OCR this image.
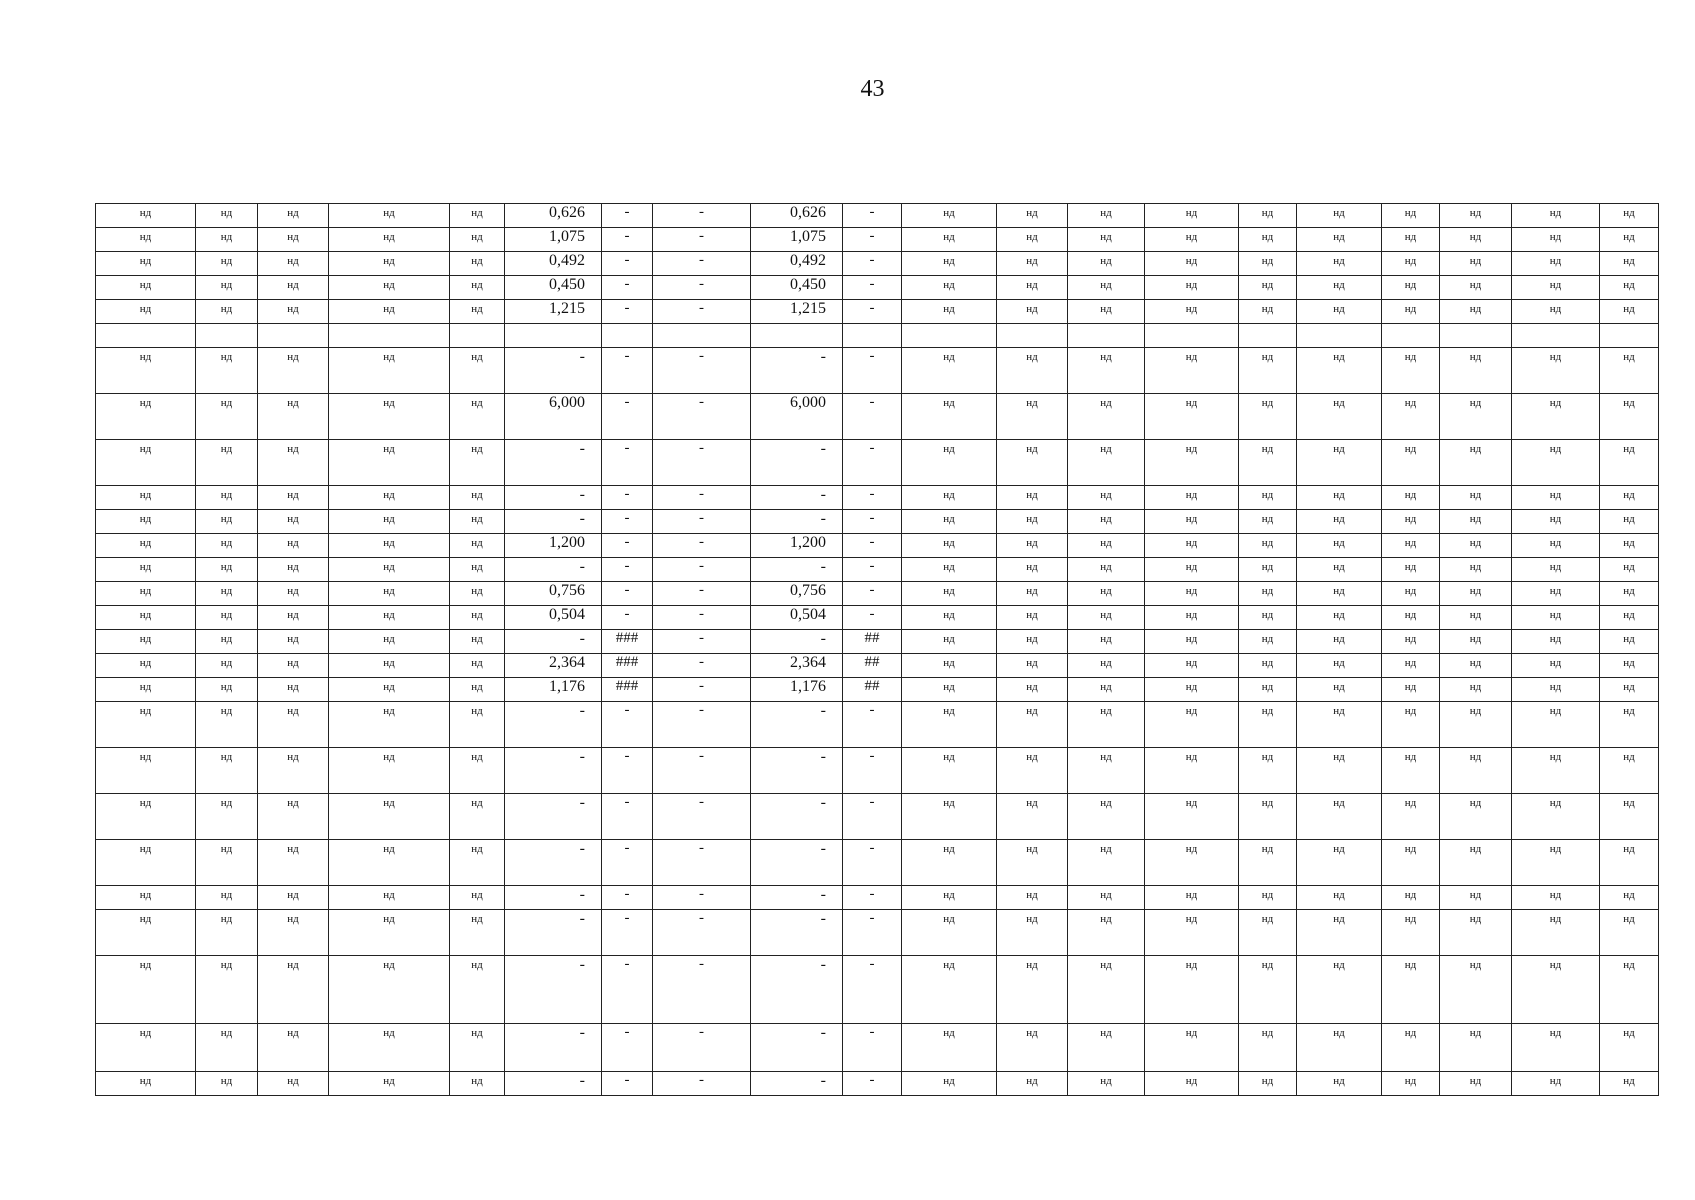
43
нд	нд	нд	нд	нд	0,626	-	-	0,626	-	нд	нд	нд	нд	нд	нд	нд	нд	нд	нд
нд	нд	нд	нд	нд	1,075	-	-	1,075	-	нд	нд	нд	нд	нд	нд	нд	нд	нд	нд
нд	нд	нд	нд	нд	0,492	-	-	0,492	-	нд	нд	нд	нд	нд	нд	нд	нд	нд	нд
нд	нд	нд	нд	нд	0,450	-	-	0,450	-	нд	нд	нд	нд	нд	нд	нд	нд	нд	нд
нд	нд	нд	нд	нд	1,215	-	-	1,215	-	нд	нд	нд	нд	нд	нд	нд	нд	нд	нд

нд	нд	нд	нд	нд	-	-	-	-	-	нд	нд	нд	нд	нд	нд	нд	нд	нд	нд
нд	нд	нд	нд	нд	6,000	-	-	6,000	-	нд	нд	нд	нд	нд	нд	нд	нд	нд	нд
нд	нд	нд	нд	нд	-	-	-	-	-	нд	нд	нд	нд	нд	нд	нд	нд	нд	нд
нд	нд	нд	нд	нд	-	-	-	-	-	нд	нд	нд	нд	нд	нд	нд	нд	нд	нд
нд	нд	нд	нд	нд	-	-	-	-	-	нд	нд	нд	нд	нд	нд	нд	нд	нд	нд
нд	нд	нд	нд	нд	1,200	-	-	1,200	-	нд	нд	нд	нд	нд	нд	нд	нд	нд	нд
нд	нд	нд	нд	нд	-	-	-	-	-	нд	нд	нд	нд	нд	нд	нд	нд	нд	нд
нд	нд	нд	нд	нд	0,756	-	-	0,756	-	нд	нд	нд	нд	нд	нд	нд	нд	нд	нд
нд	нд	нд	нд	нд	0,504	-	-	0,504	-	нд	нд	нд	нд	нд	нд	нд	нд	нд	нд
нд	нд	нд	нд	нд	-	###	-	-	##	нд	нд	нд	нд	нд	нд	нд	нд	нд	нд
нд	нд	нд	нд	нд	2,364	###	-	2,364	##	нд	нд	нд	нд	нд	нд	нд	нд	нд	нд
нд	нд	нд	нд	нд	1,176	###	-	1,176	##	нд	нд	нд	нд	нд	нд	нд	нд	нд	нд
нд	нд	нд	нд	нд	-	-	-	-	-	нд	нд	нд	нд	нд	нд	нд	нд	нд	нд
нд	нд	нд	нд	нд	-	-	-	-	-	нд	нд	нд	нд	нд	нд	нд	нд	нд	нд
нд	нд	нд	нд	нд	-	-	-	-	-	нд	нд	нд	нд	нд	нд	нд	нд	нд	нд
нд	нд	нд	нд	нд	-	-	-	-	-	нд	нд	нд	нд	нд	нд	нд	нд	нд	нд
нд	нд	нд	нд	нд	-	-	-	-	-	нд	нд	нд	нд	нд	нд	нд	нд	нд	нд
нд	нд	нд	нд	нд	-	-	-	-	-	нд	нд	нд	нд	нд	нд	нд	нд	нд	нд
нд	нд	нд	нд	нд	-	-	-	-	-	нд	нд	нд	нд	нд	нд	нд	нд	нд	нд
нд	нд	нд	нд	нд	-	-	-	-	-	нд	нд	нд	нд	нд	нд	нд	нд	нд	нд
нд	нд	нд	нд	нд	-	-	-	-	-	нд	нд	нд	нд	нд	нд	нд	нд	нд	нд
